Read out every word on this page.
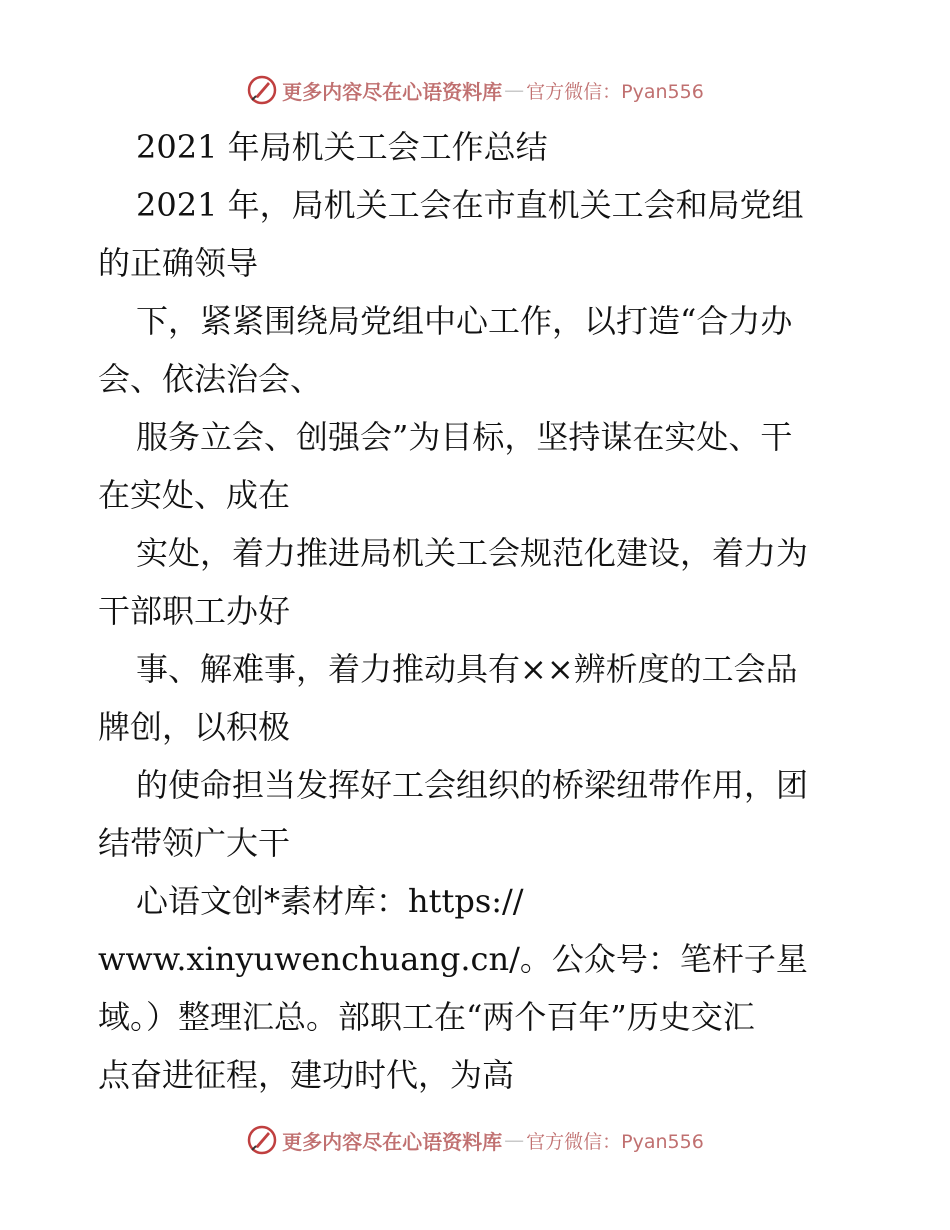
更多内容尽在心语资料库 — 官方微信：Pyan556
2021 年局机关工会工作总结
2021 年，局机关工会在市直机关工会和局党组
的正确领导
下，紧紧围绕局党组中心工作，以打造“合力办
会、依法治会、
服务立会、创强会”为目标，坚持谋在实处、干
在实处、成在
实处，着力推进局机关工会规范化建设，着力为
干部职工办好
事、解难事，着力推动具有××辨析度的工会品
牌创，以积极
的使命担当发挥好工会组织的桥梁纽带作用，团
结带领广大干
心语文创*素材库：https://
www.xinyuwenchuang.cn/。公众号：笔杆子星
域。）整理汇总。部职工在“两个百年”历史交汇
点奋进征程，建功时代，为高
更多内容尽在心语资料库 — 官方微信：Pyan556
